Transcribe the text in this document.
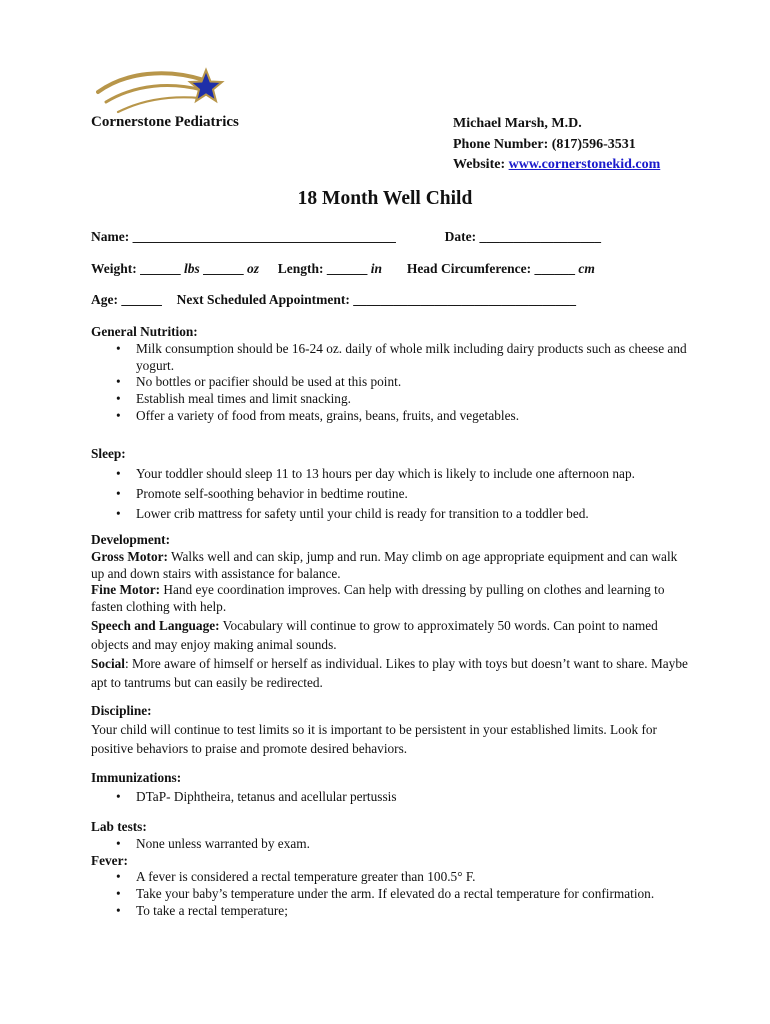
Cornerstone Pediatrics	Michael Marsh, M.D.
Phone Number: (817)596-3531
Website: www.cornerstonekid.com
18 Month Well Child
Name: _______________________________________	Date: __________________
Weight: ______ lbs ______ oz Length: ______ in Head Circumference: ______ cm
Age: ______ Next Scheduled Appointment: _________________________________
General Nutrition:
• Milk consumption should be 16-24 oz. daily of whole milk including dairy products such as cheese and yogurt.
• No bottles or pacifier should be used at this point.
• Establish meal times and limit snacking.
• Offer a variety of food from meats, grains, beans, fruits, and vegetables.
Sleep:
• Your toddler should sleep 11 to 13 hours per day which is likely to include one afternoon nap.
• Promote self-soothing behavior in bedtime routine.
• Lower crib mattress for safety until your child is ready for transition to a toddler bed.
Development:
Gross Motor: Walks well and can skip, jump and run. May climb on age appropriate equipment and can walk up and down stairs with assistance for balance.
Fine Motor: Hand eye coordination improves. Can help with dressing by pulling on clothes and learning to fasten clothing with help.
Speech and Language: Vocabulary will continue to grow to approximately 50 words. Can point to named objects and may enjoy making animal sounds.
Social: More aware of himself or herself as individual. Likes to play with toys but doesn’t want to share. Maybe apt to tantrums but can easily be redirected.
Discipline:
Your child will continue to test limits so it is important to be persistent in your established limits. Look for positive behaviors to praise and promote desired behaviors.
Immunizations:
• DTaP- Diphtheira, tetanus and acellular pertussis
Lab tests:
• None unless warranted by exam.
Fever:
• A fever is considered a rectal temperature greater than 100.5° F.
• Take your baby’s temperature under the arm. If elevated do a rectal temperature for confirmation.
• To take a rectal temperature;
